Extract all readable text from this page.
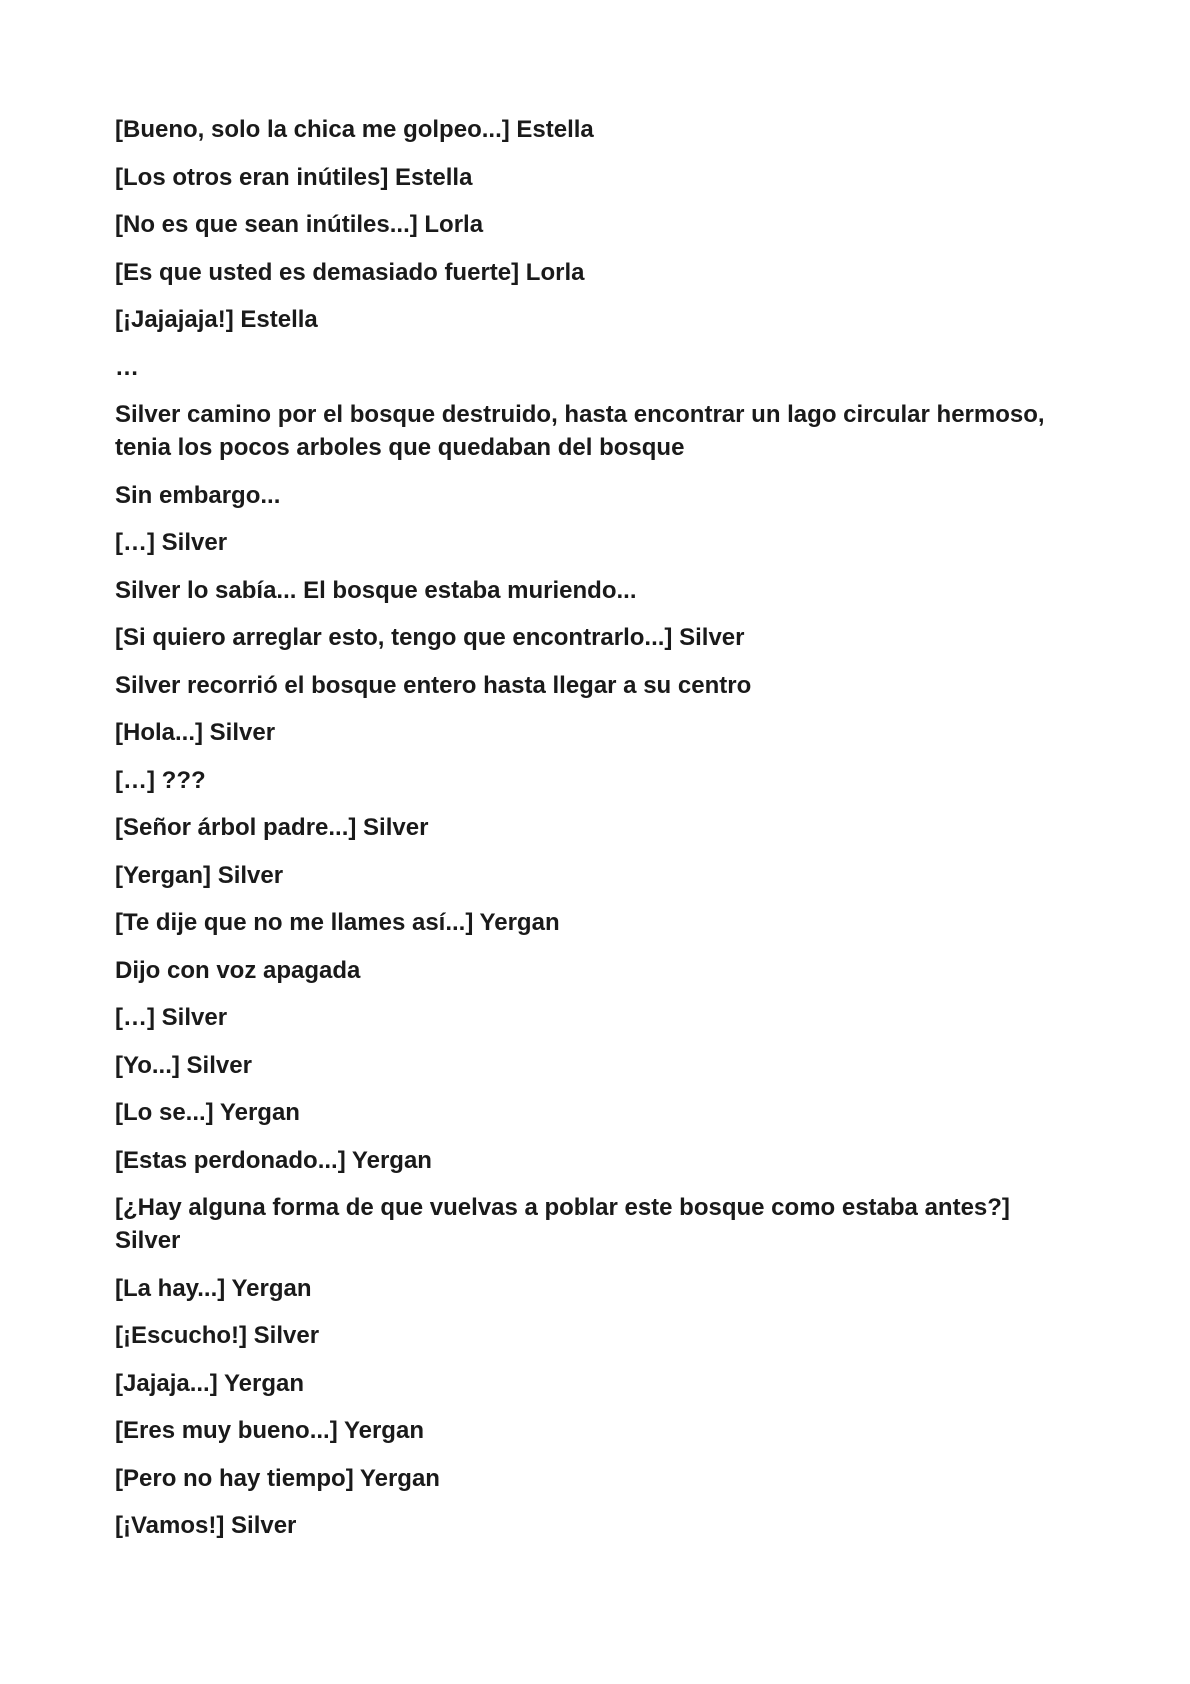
[Bueno, solo la chica me golpeo...] Estella

[Los otros eran inútiles] Estella

[No es que sean inútiles...] Lorla

[Es que usted es demasiado fuerte] Lorla

[¡Jajajaja!] Estella

…

Silver camino por el bosque destruido, hasta encontrar un lago circular hermoso, tenia los pocos arboles que quedaban del bosque

Sin embargo...

[…] Silver

Silver lo sabía... El bosque estaba muriendo...

[Si quiero arreglar esto, tengo que encontrarlo...] Silver

Silver recorrió el bosque entero hasta llegar a su centro

[Hola...] Silver

[…] ???

[Señor árbol padre...] Silver

[Yergan] Silver

[Te dije que no me llames así...] Yergan

Dijo con voz apagada

[…] Silver

[Yo...] Silver

[Lo se...] Yergan

[Estas perdonado...] Yergan

[¿Hay alguna forma de que vuelvas a poblar este bosque como estaba antes?] Silver

[La hay...] Yergan

[¡Escucho!] Silver

[Jajaja...] Yergan

[Eres muy bueno...] Yergan

[Pero no hay tiempo] Yergan

[¡Vamos!] Silver
